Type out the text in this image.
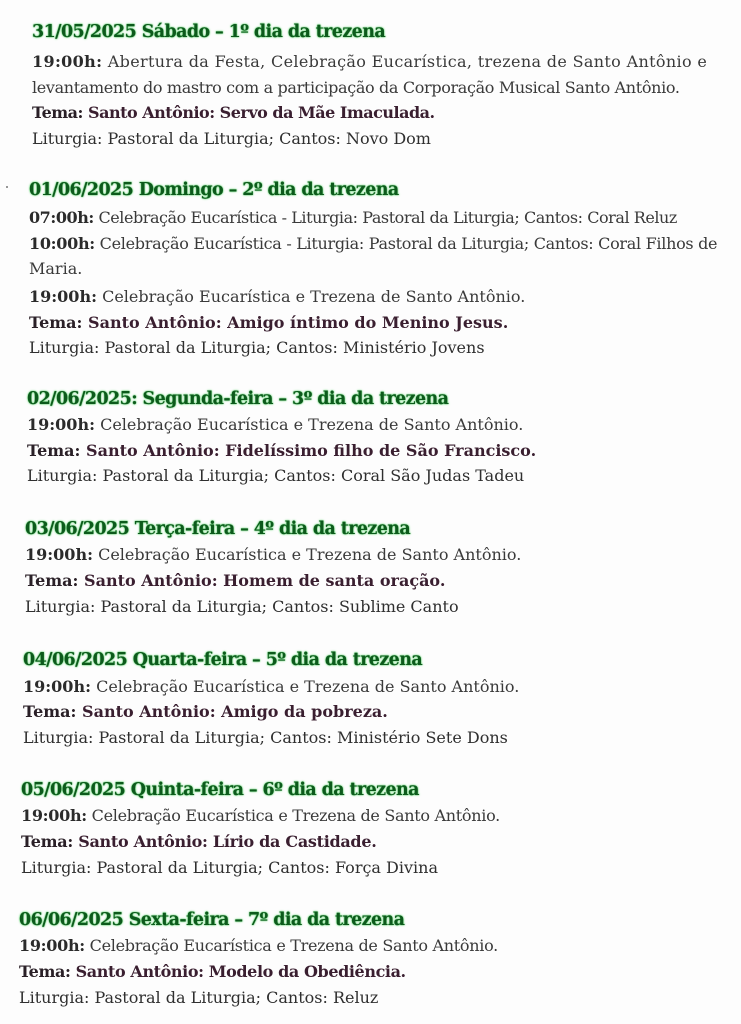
31/05/2025 Sábado – 1º dia da trezena
19:00h: Abertura da Festa, Celebração Eucarística, trezena de Santo Antônio e
levantamento do mastro com a participação da Corporação Musical Santo Antônio.
Tema: Santo Antônio: Servo da Mãe Imaculada.
Liturgia: Pastoral da Liturgia; Cantos: Novo Dom
01/06/2025 Domingo – 2º dia da trezena
07:00h: Celebração Eucarística - Liturgia: Pastoral da Liturgia; Cantos: Coral Reluz
10:00h: Celebração Eucarística - Liturgia: Pastoral da Liturgia; Cantos: Coral Filhos de
Maria.
19:00h: Celebração Eucarística e Trezena de Santo Antônio.
Tema: Santo Antônio: Amigo íntimo do Menino Jesus.
Liturgia: Pastoral da Liturgia; Cantos: Ministério Jovens
02/06/2025: Segunda-feira – 3º dia da trezena
19:00h: Celebração Eucarística e Trezena de Santo Antônio.
Tema: Santo Antônio: Fidelíssimo filho de São Francisco.
Liturgia: Pastoral da Liturgia; Cantos: Coral São Judas Tadeu
03/06/2025 Terça-feira – 4º dia da trezena
19:00h: Celebração Eucarística e Trezena de Santo Antônio.
Tema: Santo Antônio: Homem de santa oração.
Liturgia: Pastoral da Liturgia; Cantos: Sublime Canto
04/06/2025 Quarta-feira – 5º dia da trezena
19:00h: Celebração Eucarística e Trezena de Santo Antônio.
Tema: Santo Antônio: Amigo da pobreza.
Liturgia: Pastoral da Liturgia; Cantos: Ministério Sete Dons
05/06/2025 Quinta-feira – 6º dia da trezena
19:00h: Celebração Eucarística e Trezena de Santo Antônio.
Tema: Santo Antônio: Lírio da Castidade.
Liturgia: Pastoral da Liturgia; Cantos: Força Divina
06/06/2025 Sexta-feira – 7º dia da trezena
19:00h: Celebração Eucarística e Trezena de Santo Antônio.
Tema: Santo Antônio: Modelo da Obediência.
Liturgia: Pastoral da Liturgia; Cantos: Reluz
